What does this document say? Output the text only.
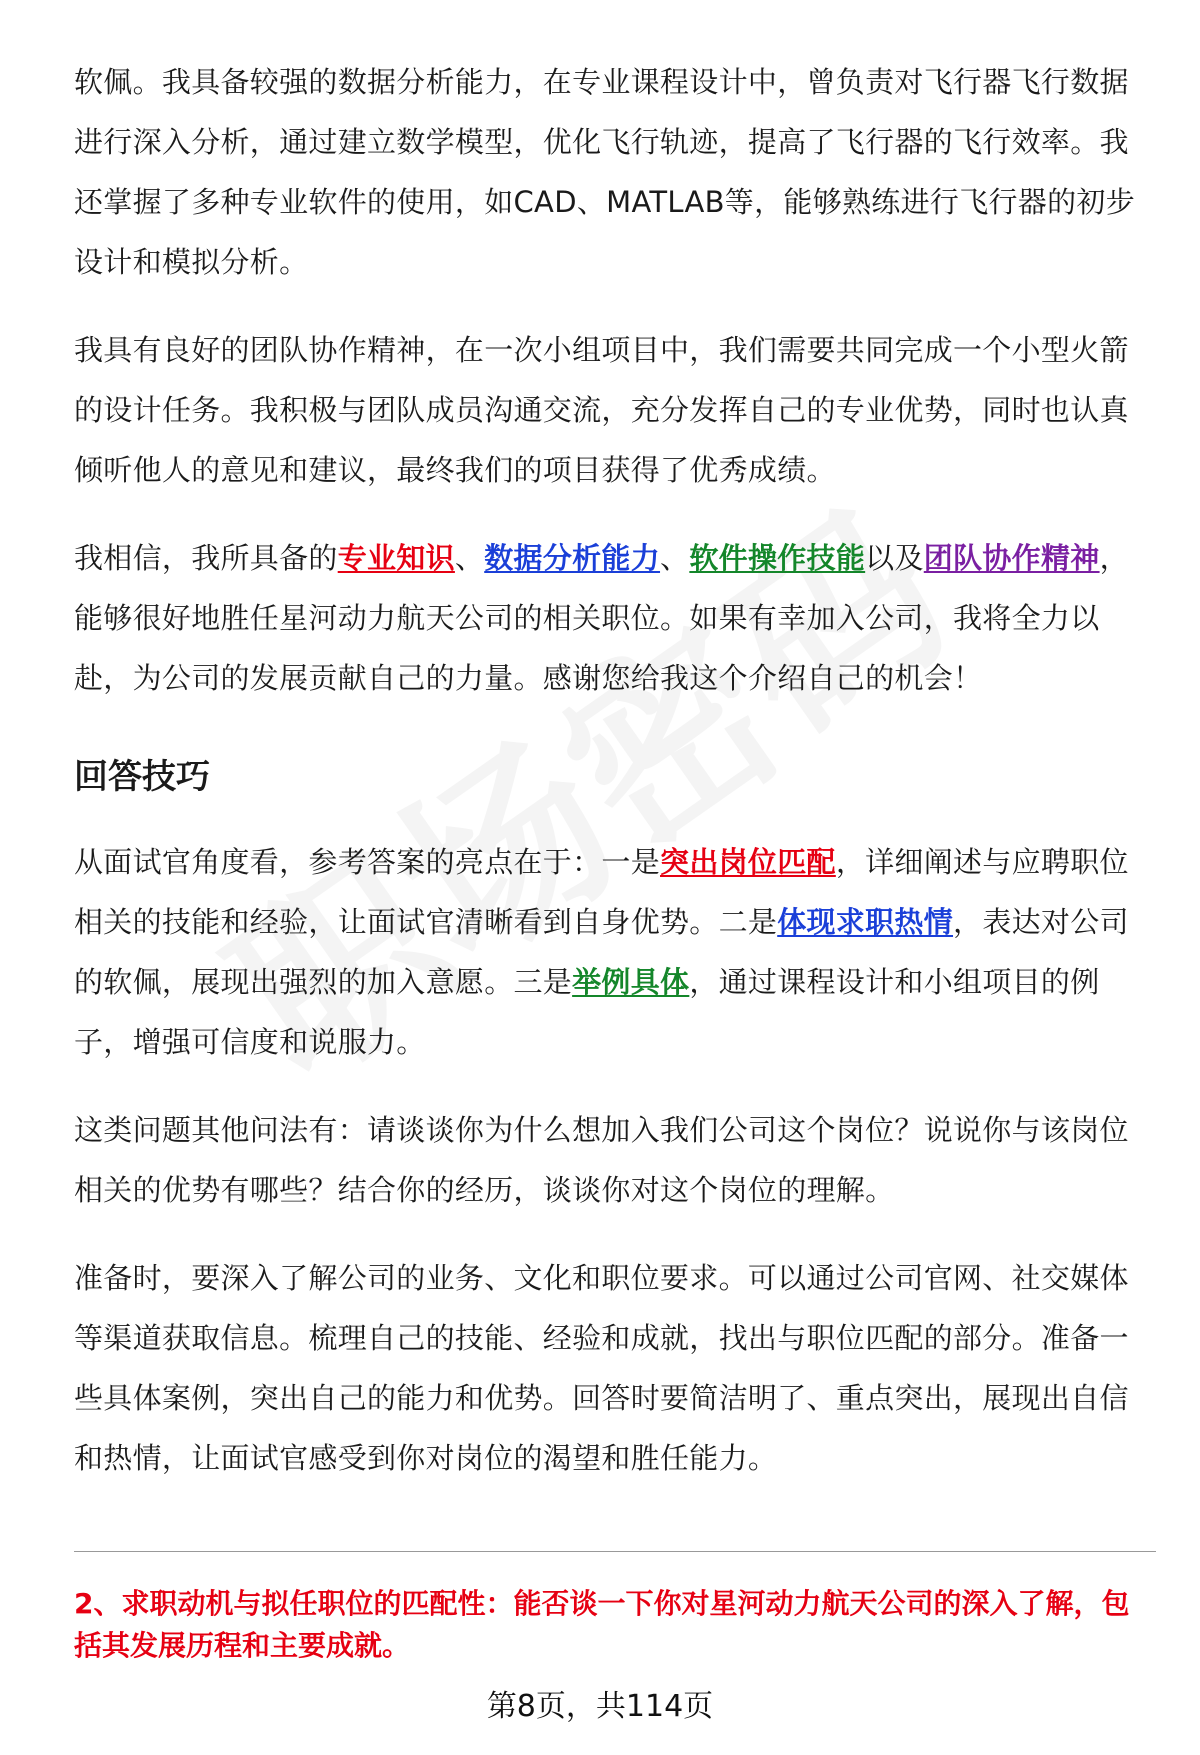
软佩。我具备较强的数据分析能力，在专业课程设计中，曾负责对飞行器飞行数据进行深入分析，通过建立数学模型，优化飞行轨迹，提高了飞行器的飞行效率。我还掌握了多种专业软件的使用，如CAD、MATLAB等，能够熟练进行飞行器的初步设计和模拟分析。

我具有良好的团队协作精神，在一次小组项目中，我们需要共同完成一个小型火箭的设计任务。我积极与团队成员沟通交流，充分发挥自己的专业优势，同时也认真倾听他人的意见和建议，最终我们的项目获得了优秀成绩。

我相信，我所具备的专业知识、数据分析能力、软件操作技能以及团队协作精神，能够很好地胜任星河动力航天公司的相关职位。如果有幸加入公司，我将全力以赴，为公司的发展贡献自己的力量。感谢您给我这个介绍自己的机会！

回答技巧

从面试官角度看，参考答案的亮点在于：一是突出岗位匹配，详细阐述与应聘职位相关的技能和经验，让面试官清晰看到自身优势。二是体现求职热情，表达对公司的软佩，展现出强烈的加入意愿。三是举例具体，通过课程设计和小组项目的例子，增强可信度和说服力。

这类问题其他问法有：请谈谈你为什么想加入我们公司这个岗位？说说你与该岗位相关的优势有哪些？结合你的经历，谈谈你对这个岗位的理解。

准备时，要深入了解公司的业务、文化和职位要求。可以通过公司官网、社交媒体等渠道获取信息。梳理自己的技能、经验和成就，找出与职位匹配的部分。准备一些具体案例，突出自己的能力和优势。回答时要简洁明了、重点突出，展现出自信和热情，让面试官感受到你对岗位的渴望和胜任能力。

2、求职动机与拟任职位的匹配性：能否谈一下你对星河动力航天公司的深入了解，包括其发展历程和主要成就。

第8页，共114页
